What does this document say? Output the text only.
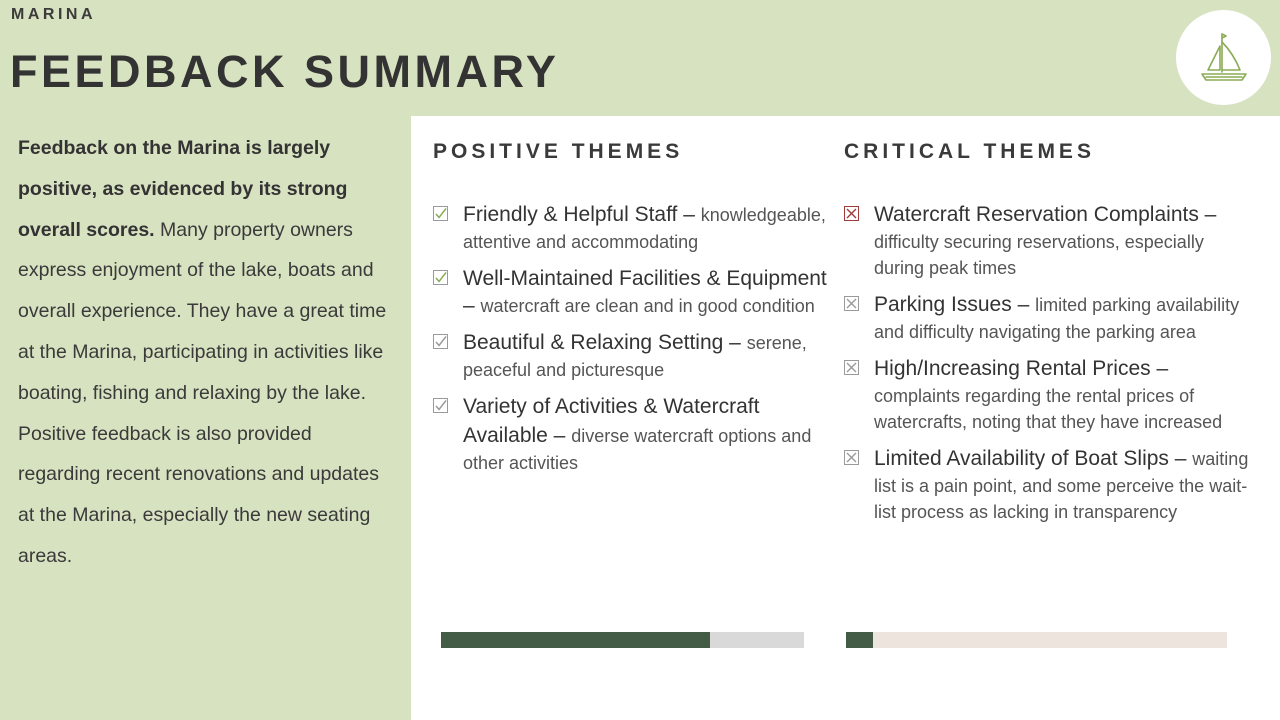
MARINA
FEEDBACK SUMMARY
Feedback on the Marina is largely positive, as evidenced by its strong overall scores. Many property owners express enjoyment of the lake, boats and overall experience. They have a great time at the Marina, participating in activities like boating, fishing and relaxing by the lake. Positive feedback is also provided regarding recent renovations and updates at the Marina, especially the new seating areas.
POSITIVE THEMES
Friendly & Helpful Staff – knowledgeable, attentive and accommodating
Well-Maintained Facilities & Equipment – watercraft are clean and in good condition
Beautiful & Relaxing Setting – serene, peaceful and picturesque
Variety of Activities & Watercraft Available – diverse watercraft options and other activities
CRITICAL THEMES
Watercraft Reservation Complaints – difficulty securing reservations, especially during peak times
Parking Issues – limited parking availability and difficulty navigating the parking area
High/Increasing Rental Prices – complaints regarding the rental prices of watercrafts, noting that they have increased
Limited Availability of Boat Slips – waiting list is a pain point, and some perceive the wait-list process as lacking in transparency
